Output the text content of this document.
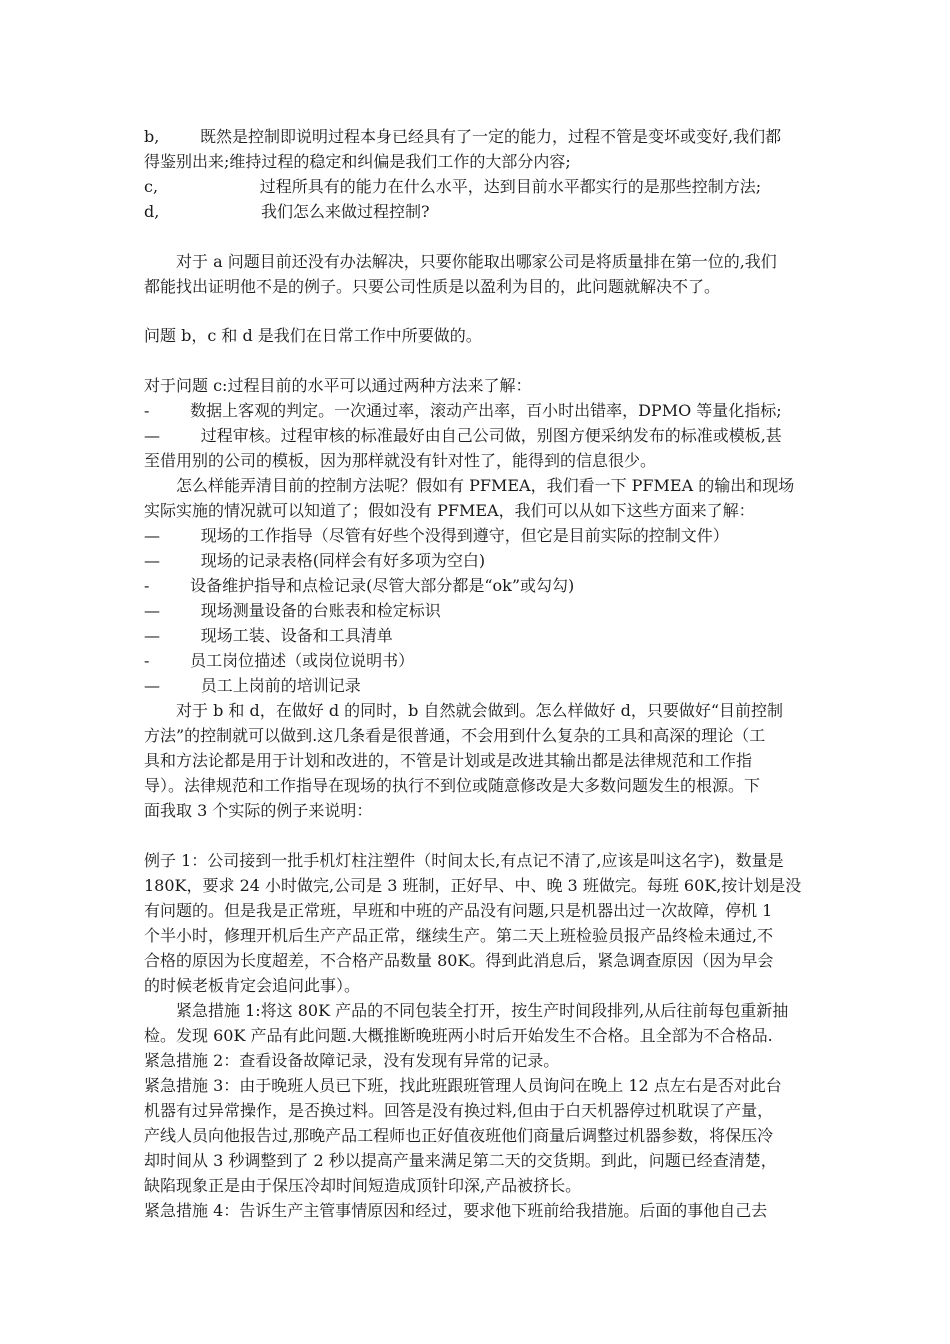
b,        既然是控制即说明过程本身已经具有了一定的能力，过程不管是变坏或变好,我们都
得鉴别出来;维持过程的稳定和纠偏是我们工作的大部分内容;
c,                    过程所具有的能力在什么水平，达到目前水平都实行的是那些控制方法;
d,                    我们怎么来做过程控制?
对于 a 问题目前还没有办法解决，只要你能取出哪家公司是将质量排在第一位的,我们
都能找出证明他不是的例子。只要公司性质是以盈利为目的，此问题就解决不了。
问题 b，c 和 d 是我们在日常工作中所要做的。
对于问题 c:过程目前的水平可以通过两种方法来了解：
-        数据上客观的判定。一次通过率，滚动产出率，百小时出错率，DPMO 等量化指标;
—        过程审核。过程审核的标准最好由自己公司做，别图方便采纳发布的标准或模板,甚
至借用别的公司的模板，因为那样就没有针对性了，能得到的信息很少。
怎么样能弄清目前的控制方法呢？假如有 PFMEA，我们看一下 PFMEA 的输出和现场
实际实施的情况就可以知道了；假如没有 PFMEA，我们可以从如下这些方面来了解：
—        现场的工作指导（尽管有好些个没得到遵守，但它是目前实际的控制文件）
—        现场的记录表格(同样会有好多项为空白)
-        设备维护指导和点检记录(尽管大部分都是“ok”或勾勾)
—        现场测量设备的台账表和检定标识
—        现场工装、设备和工具清单
-        员工岗位描述（或岗位说明书）
—        员工上岗前的培训记录
对于 b 和 d，在做好 d 的同时，b 自然就会做到。怎么样做好 d，只要做好“目前控制
方法”的控制就可以做到.这几条看是很普通，不会用到什么复杂的工具和高深的理论（工
具和方法论都是用于计划和改进的，不管是计划或是改进其输出都是法律规范和工作指
导）。法律规范和工作指导在现场的执行不到位或随意修改是大多数问题发生的根源。下
面我取 3 个实际的例子来说明：
例子 1：公司接到一批手机灯柱注塑件（时间太长,有点记不清了,应该是叫这名字)，数量是
180K，要求 24 小时做完,公司是 3 班制，正好早、中、晚 3 班做完。每班 60K,按计划是没
有问题的。但是我是正常班，早班和中班的产品没有问题,只是机器出过一次故障，停机 1
个半小时，修理开机后生产产品正常，继续生产。第二天上班检验员报产品终检未通过,不
合格的原因为长度超差，不合格产品数量 80K。得到此消息后，紧急调查原因（因为早会
的时候老板肯定会追问此事）。
紧急措施 1:将这 80K 产品的不同包装全打开，按生产时间段排列,从后往前每包重新抽
检。发现 60K 产品有此问题.大概推断晚班两小时后开始发生不合格。且全部为不合格品.
紧急措施 2：查看设备故障记录，没有发现有异常的记录。
紧急措施 3：由于晚班人员已下班，找此班跟班管理人员询问在晚上 12 点左右是否对此台
机器有过异常操作，是否换过料。回答是没有换过料,但由于白天机器停过机耽误了产量，
产线人员向他报告过,那晚产品工程师也正好值夜班他们商量后调整过机器参数，将保压冷
却时间从 3 秒调整到了 2 秒以提高产量来满足第二天的交货期。到此，问题已经查清楚，
缺陷现象正是由于保压冷却时间短造成顶针印深,产品被挤长。
紧急措施 4：告诉生产主管事情原因和经过，要求他下班前给我措施。后面的事他自己去
